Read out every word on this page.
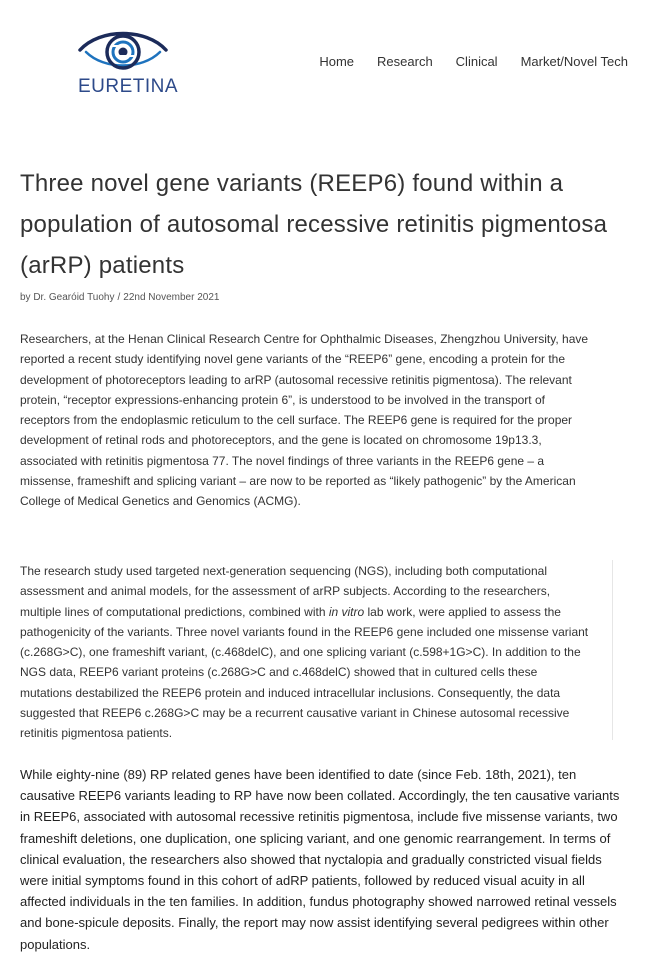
EURETINA
Home Research Clinical Market/Novel Tech
Three novel gene variants (REEP6) found within a population of autosomal recessive retinitis pigmentosa (arRP) patients
by Dr. Gearóid Tuohy / 22nd November 2021

Researchers, at the Henan Clinical Research Centre for Ophthalmic Diseases, Zhengzhou University, have reported a recent study identifying novel gene variants of the “REEP6” gene, encoding a protein for the development of photoreceptors leading to arRP (autosomal recessive retinitis pigmentosa). The relevant protein, “receptor expressions-enhancing protein 6”, is understood to be involved in the transport of receptors from the endoplasmic reticulum to the cell surface. The REEP6 gene is required for the proper development of retinal rods and photoreceptors, and the gene is located on chromosome 19p13.3, associated with retinitis pigmentosa 77. The novel findings of three variants in the REEP6 gene – a missense, frameshift and splicing variant – are now to be reported as “likely pathogenic” by the American College of Medical Genetics and Genomics (ACMG).

The research study used targeted next-generation sequencing (NGS), including both computational assessment and animal models, for the assessment of arRP subjects. According to the researchers, multiple lines of computational predictions, combined with in vitro lab work, were applied to assess the pathogenicity of the variants. Three novel variants found in the REEP6 gene included one missense variant (c.268G>C), one frameshift variant, (c.468delC), and one splicing variant (c.598+1G>C). In addition to the NGS data, REEP6 variant proteins (c.268G>C and c.468delC) showed that in cultured cells these mutations destabilized the REEP6 protein and induced intracellular inclusions. Consequently, the data suggested that REEP6 c.268G>C may be a recurrent causative variant in Chinese autosomal recessive retinitis pigmentosa patients.

While eighty-nine (89) RP related genes have been identified to date (since Feb. 18th, 2021), ten causative REEP6 variants leading to RP have now been collated. Accordingly, the ten causative variants in REEP6, associated with autosomal recessive retinitis pigmentosa, include five missense variants, two frameshift deletions, one duplication, one splicing variant, and one genomic rearrangement. In terms of clinical evaluation, the researchers also showed that nyctalopia and gradually constricted visual fields were initial symptoms found in this cohort of adRP patients, followed by reduced visual acuity in all affected individuals in the ten families. In addition, fundus photography showed narrowed retinal vessels and bone-spicule deposits. Finally, the report may now assist identifying several pedigrees within other populations.
